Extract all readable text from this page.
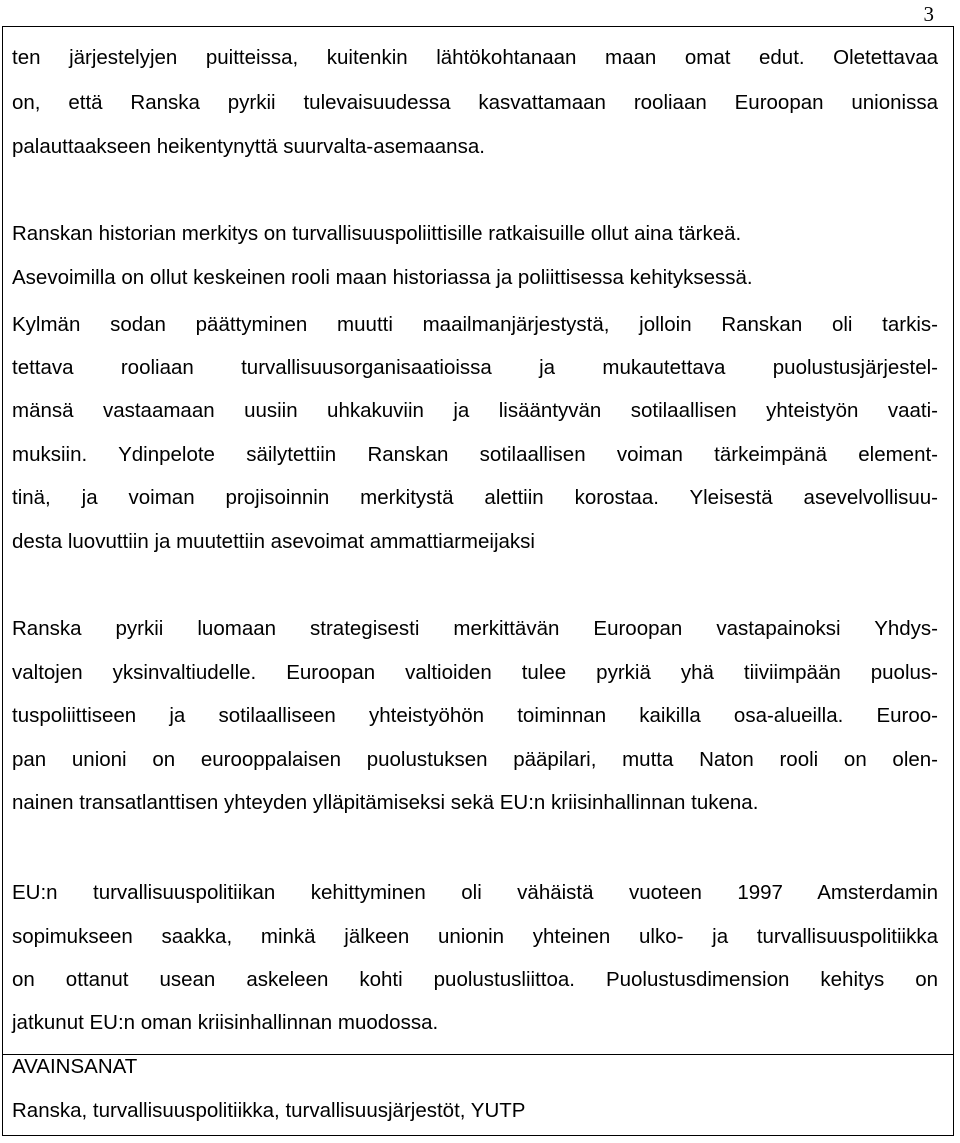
3
ten järjestelyjen puitteissa, kuitenkin lähtökohtanaan maan omat edut. Oletettavaa
on, että Ranska pyrkii tulevaisuudessa kasvattamaan rooliaan Euroopan unionissa
palauttaakseen heikentynyttä suurvalta-asemaansa.
Ranskan historian merkitys on turvallisuuspoliittisille ratkaisuille ollut aina tärkeä.
Asevoimilla on ollut keskeinen rooli maan historiassa ja poliittisessa kehityksessä.
Kylmän sodan päättyminen muutti maailmanjärjestystä, jolloin Ranskan oli tarkis-
tettava rooliaan turvallisuusorganisaatioissa ja mukautettava puolustusjärjestel-
mänsä vastaamaan uusiin uhkakuviin ja lisääntyvän sotilaallisen yhteistyön vaati-
muksiin. Ydinpelote säilytettiin Ranskan sotilaallisen voiman tärkeimpänä element-
tinä, ja voiman projisoinnin merkitystä alettiin korostaa. Yleisestä asevelvollisuu-
desta luovuttiin ja muutettiin asevoimat ammattiarmeijaksi
Ranska pyrkii luomaan strategisesti merkittävän Euroopan vastapainoksi Yhdys-
valtojen yksinvaltiudelle. Euroopan valtioiden tulee pyrkiä yhä tiiviimpään puolus-
tuspoliittiseen ja sotilaalliseen yhteistyöhön toiminnan kaikilla osa-alueilla. Euroo-
pan unioni on eurooppalaisen puolustuksen pääpilari, mutta Naton rooli on olen-
nainen transatlanttisen yhteyden ylläpitämiseksi sekä EU:n kriisinhallinnan tukena.
EU:n turvallisuuspolitiikan kehittyminen oli vähäistä vuoteen 1997 Amsterdamin
sopimukseen saakka, minkä jälkeen unionin yhteinen ulko- ja turvallisuuspolitiikka
on ottanut usean askeleen kohti puolustusliittoa. Puolustusdimension kehitys on
jatkunut EU:n oman kriisinhallinnan muodossa.
AVAINSANAT
Ranska, turvallisuuspolitiikka, turvallisuusjärjestöt, YUTP
